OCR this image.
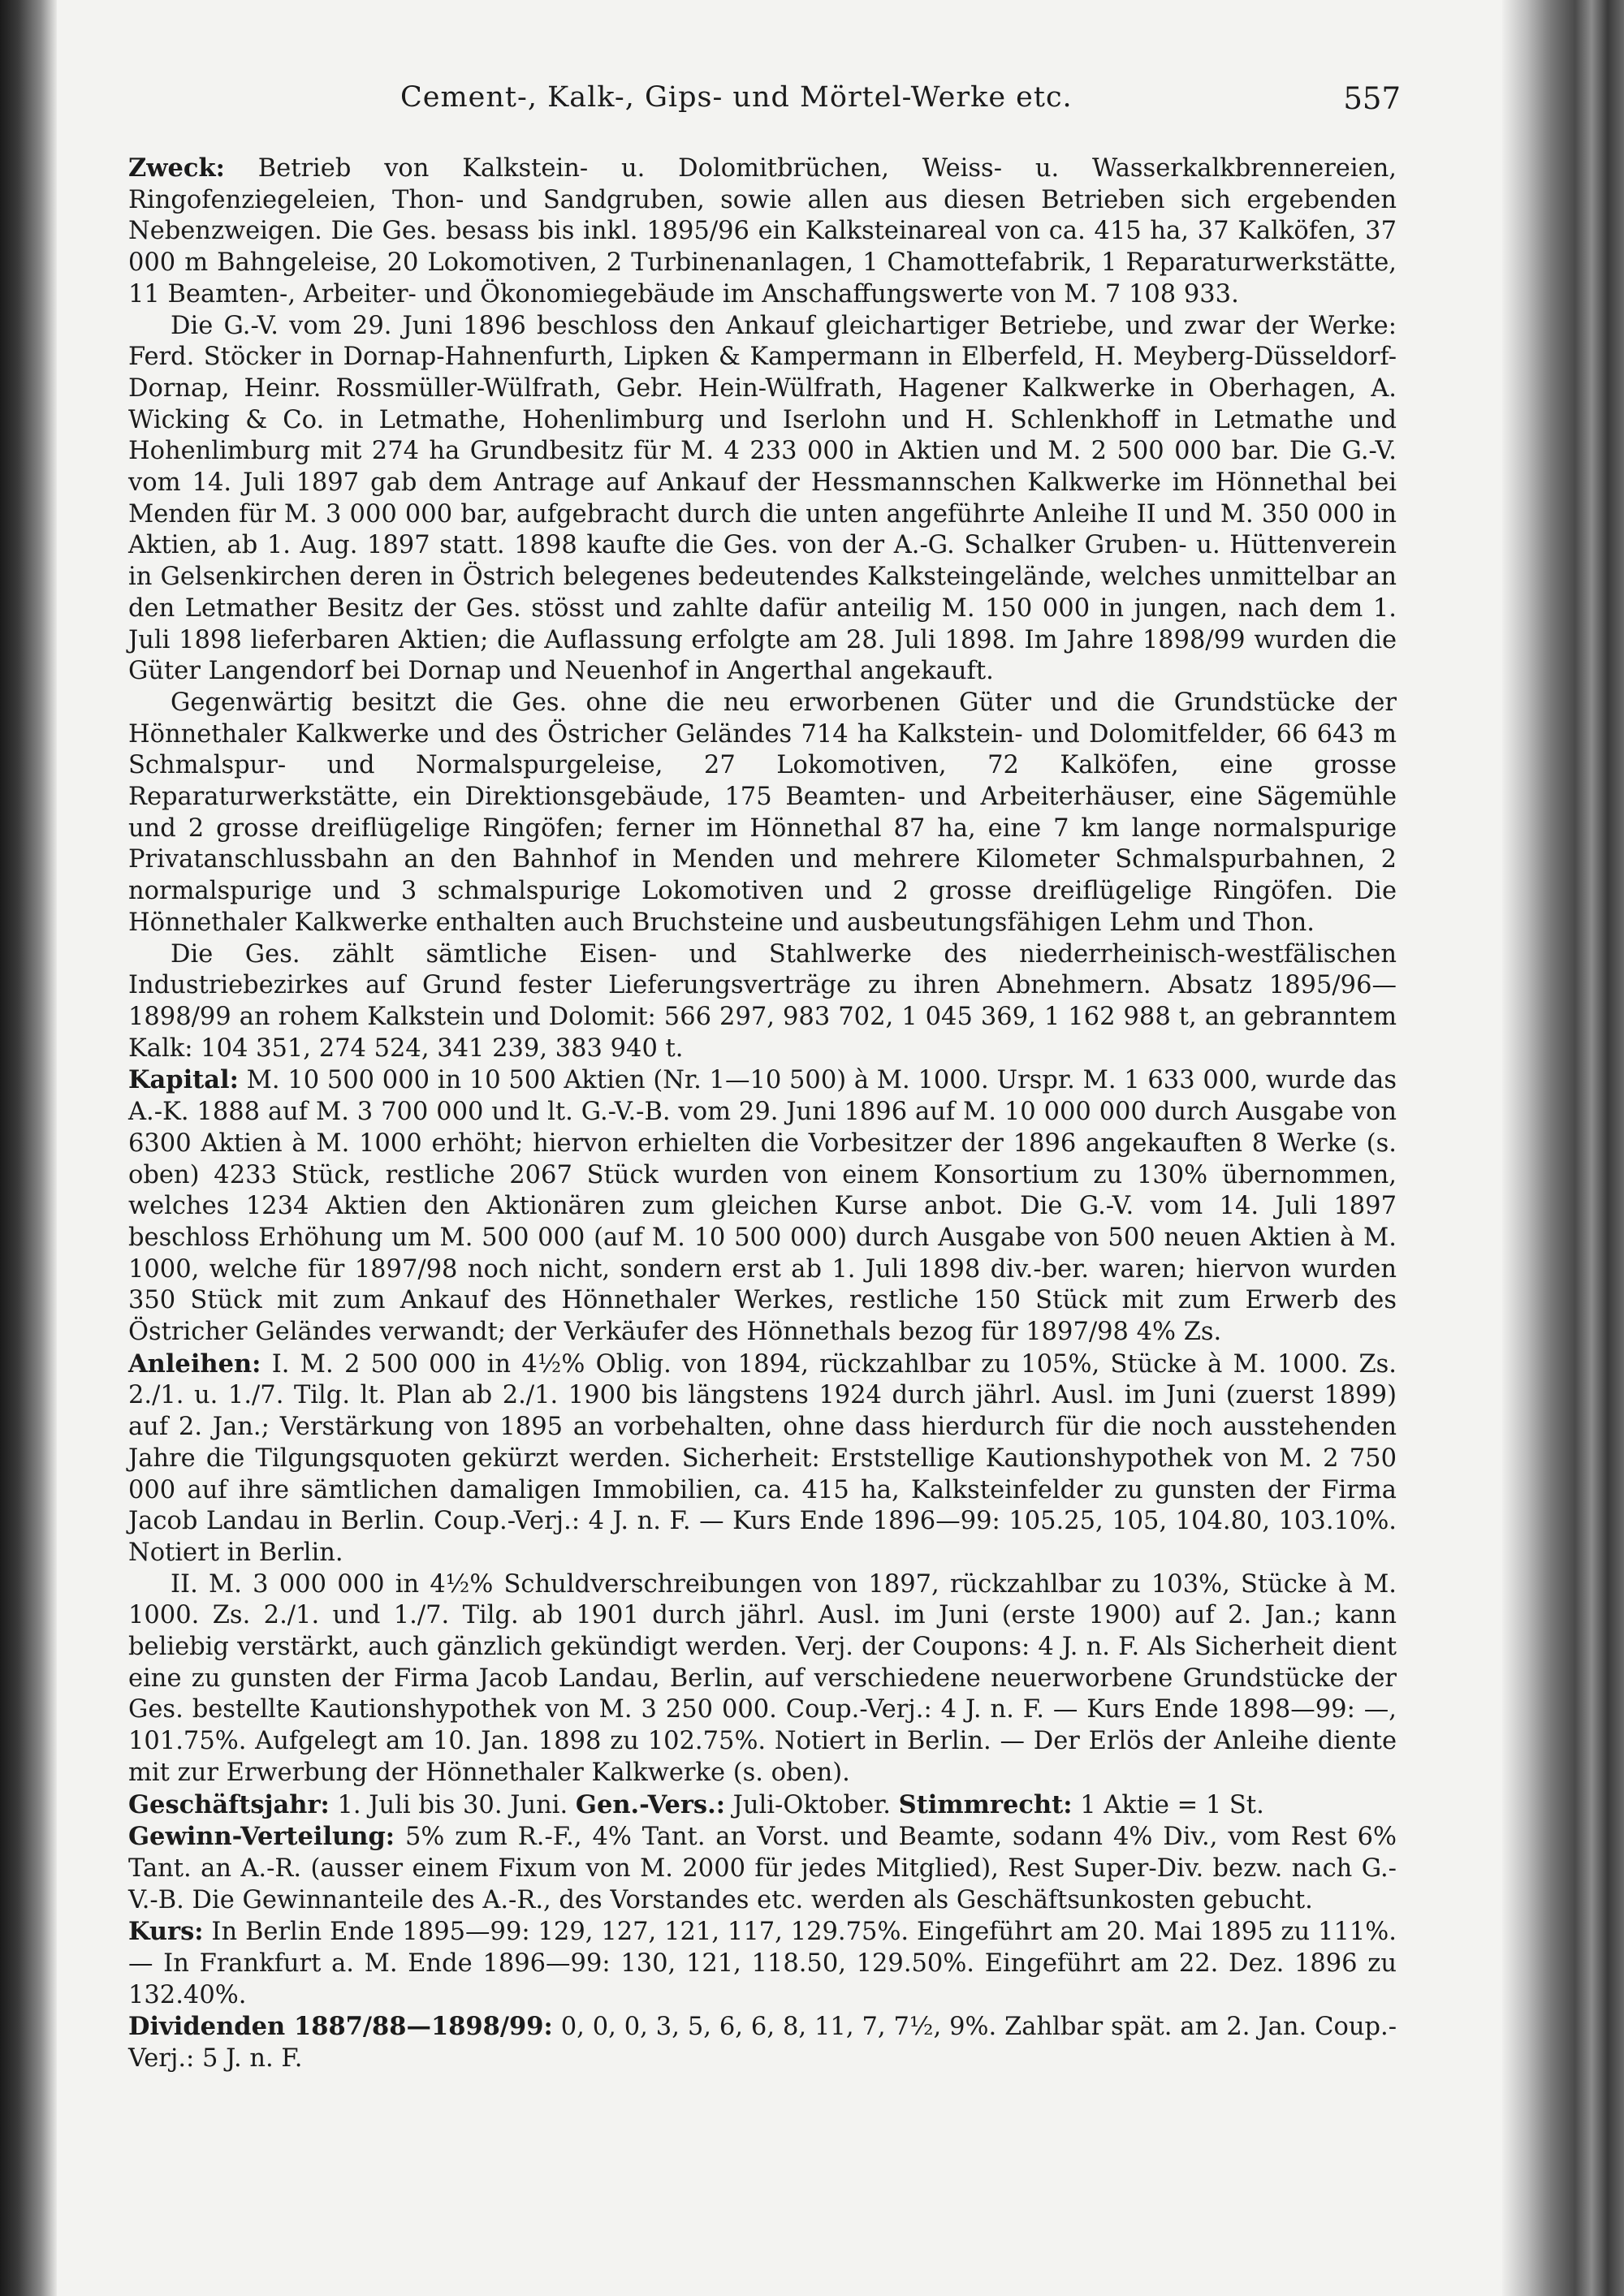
Cement-, Kalk-, Gips- und Mörtel-Werke etc.	557

Zweck: Betrieb von Kalkstein- u. Dolomitbrüchen, Weiss- u. Wasserkalkbrennereien, Ringofenziegeleien, Thon- und Sandgruben, sowie allen aus diesen Betrieben sich ergebenden Nebenzweigen. Die Ges. besass bis inkl. 1895/96 ein Kalksteinareal von ca. 415 ha, 37 Kalköfen, 37 000 m Bahngeleise, 20 Lokomotiven, 2 Turbinenanlagen, 1 Chamottefabrik, 1 Reparaturwerkstätte, 11 Beamten-, Arbeiter- und Ökonomiegebäude im Anschaffungswerte von M. 7 108 933.

Die G.-V. vom 29. Juni 1896 beschloss den Ankauf gleichartiger Betriebe, und zwar der Werke: Ferd. Stöcker in Dornap-Hahnenfurth, Lipken & Kampermann in Elberfeld, H. Meyberg-Düsseldorf-Dornap, Heinr. Rossmüller-Wülfrath, Gebr. Hein-Wülfrath, Hagener Kalkwerke in Oberhagen, A. Wicking & Co. in Letmathe, Hohenlimburg und Iserlohn und H. Schlenkhoff in Letmathe und Hohenlimburg mit 274 ha Grundbesitz für M. 4 233 000 in Aktien und M. 2 500 000 bar. Die G.-V. vom 14. Juli 1897 gab dem Antrage auf Ankauf der Hessmannschen Kalkwerke im Hönnethal bei Menden für M. 3 000 000 bar, aufgebracht durch die unten angeführte Anleihe II und M. 350 000 in Aktien, ab 1. Aug. 1897 statt. 1898 kaufte die Ges. von der A.-G. Schalker Gruben- u. Hüttenverein in Gelsenkirchen deren in Östrich belegenes bedeutendes Kalksteingelände, welches unmittelbar an den Letmather Besitz der Ges. stösst und zahlte dafür anteilig M. 150 000 in jungen, nach dem 1. Juli 1898 lieferbaren Aktien; die Auflassung erfolgte am 28. Juli 1898. Im Jahre 1898/99 wurden die Güter Langendorf bei Dornap und Neuenhof in Angerthal angekauft.

Gegenwärtig besitzt die Ges. ohne die neu erworbenen Güter und die Grundstücke der Hönnethaler Kalkwerke und des Östricher Geländes 714 ha Kalkstein- und Dolomitfelder, 66 643 m Schmalspur- und Normalspurgeleise, 27 Lokomotiven, 72 Kalköfen, eine grosse Reparaturwerkstätte, ein Direktionsgebäude, 175 Beamten- und Arbeiterhäuser, eine Sägemühle und 2 grosse dreiflügelige Ringöfen; ferner im Hönnethal 87 ha, eine 7 km lange normalspurige Privatanschlussbahn an den Bahnhof in Menden und mehrere Kilometer Schmalspurbahnen, 2 normalspurige und 3 schmalspurige Lokomotiven und 2 grosse dreiflügelige Ringöfen. Die Hönnethaler Kalkwerke enthalten auch Bruchsteine und ausbeutungsfähigen Lehm und Thon.

Die Ges. zählt sämtliche Eisen- und Stahlwerke des niederrheinisch-westfälischen Industriebezirkes auf Grund fester Lieferungsverträge zu ihren Abnehmern. Absatz 1895/96—1898/99 an rohem Kalkstein und Dolomit: 566 297, 983 702, 1 045 369, 1 162 988 t, an gebranntem Kalk: 104 351, 274 524, 341 239, 383 940 t.

Kapital: M. 10 500 000 in 10 500 Aktien (Nr. 1—10 500) à M. 1000. Urspr. M. 1 633 000, wurde das A.-K. 1888 auf M. 3 700 000 und lt. G.-V.-B. vom 29. Juni 1896 auf M. 10 000 000 durch Ausgabe von 6300 Aktien à M. 1000 erhöht; hiervon erhielten die Vorbesitzer der 1896 angekauften 8 Werke (s. oben) 4233 Stück, restliche 2067 Stück wurden von einem Konsortium zu 130% übernommen, welches 1234 Aktien den Aktionären zum gleichen Kurse anbot. Die G.-V. vom 14. Juli 1897 beschloss Erhöhung um M. 500 000 (auf M. 10 500 000) durch Ausgabe von 500 neuen Aktien à M. 1000, welche für 1897/98 noch nicht, sondern erst ab 1. Juli 1898 div.-ber. waren; hiervon wurden 350 Stück mit zum Ankauf des Hönnethaler Werkes, restliche 150 Stück mit zum Erwerb des Östricher Geländes verwandt; der Verkäufer des Hönnethals bezog für 1897/98 4% Zs.

Anleihen: I. M. 2 500 000 in 4½% Oblig. von 1894, rückzahlbar zu 105%, Stücke à M. 1000. Zs. 2./1. u. 1./7. Tilg. lt. Plan ab 2./1. 1900 bis längstens 1924 durch jährl. Ausl. im Juni (zuerst 1899) auf 2. Jan.; Verstärkung von 1895 an vorbehalten, ohne dass hierdurch für die noch ausstehenden Jahre die Tilgungsquoten gekürzt werden. Sicherheit: Erststellige Kautionshypothek von M. 2 750 000 auf ihre sämtlichen damaligen Immobilien, ca. 415 ha, Kalksteinfelder zu gunsten der Firma Jacob Landau in Berlin. Coup.-Verj.: 4 J. n. F. — Kurs Ende 1896—99: 105.25, 105, 104.80, 103.10%. Notiert in Berlin.

II. M. 3 000 000 in 4½% Schuldverschreibungen von 1897, rückzahlbar zu 103%, Stücke à M. 1000. Zs. 2./1. und 1./7. Tilg. ab 1901 durch jährl. Ausl. im Juni (erste 1900) auf 2. Jan.; kann beliebig verstärkt, auch gänzlich gekündigt werden. Verj. der Coupons: 4 J. n. F. Als Sicherheit dient eine zu gunsten der Firma Jacob Landau, Berlin, auf verschiedene neuerworbene Grundstücke der Ges. bestellte Kautionshypothek von M. 3 250 000. Coup.-Verj.: 4 J. n. F. — Kurs Ende 1898—99: —, 101.75%. Aufgelegt am 10. Jan. 1898 zu 102.75%. Notiert in Berlin. — Der Erlös der Anleihe diente mit zur Erwerbung der Hönnethaler Kalkwerke (s. oben).

Geschäftsjahr: 1. Juli bis 30. Juni. Gen.-Vers.: Juli-Oktober. Stimmrecht: 1 Aktie = 1 St.

Gewinn-Verteilung: 5% zum R.-F., 4% Tant. an Vorst. und Beamte, sodann 4% Div., vom Rest 6% Tant. an A.-R. (ausser einem Fixum von M. 2000 für jedes Mitglied), Rest Super-Div. bezw. nach G.-V.-B. Die Gewinnanteile des A.-R., des Vorstandes etc. werden als Geschäftsunkosten gebucht.

Kurs: In Berlin Ende 1895—99: 129, 127, 121, 117, 129.75%. Eingeführt am 20. Mai 1895 zu 111%. — In Frankfurt a. M. Ende 1896—99: 130, 121, 118.50, 129.50%. Eingeführt am 22. Dez. 1896 zu 132.40%.

Dividenden 1887/88—1898/99: 0, 0, 0, 3, 5, 6, 6, 8, 11, 7, 7½, 9%. Zahlbar spät. am 2. Jan. Coup.-Verj.: 5 J. n. F.
